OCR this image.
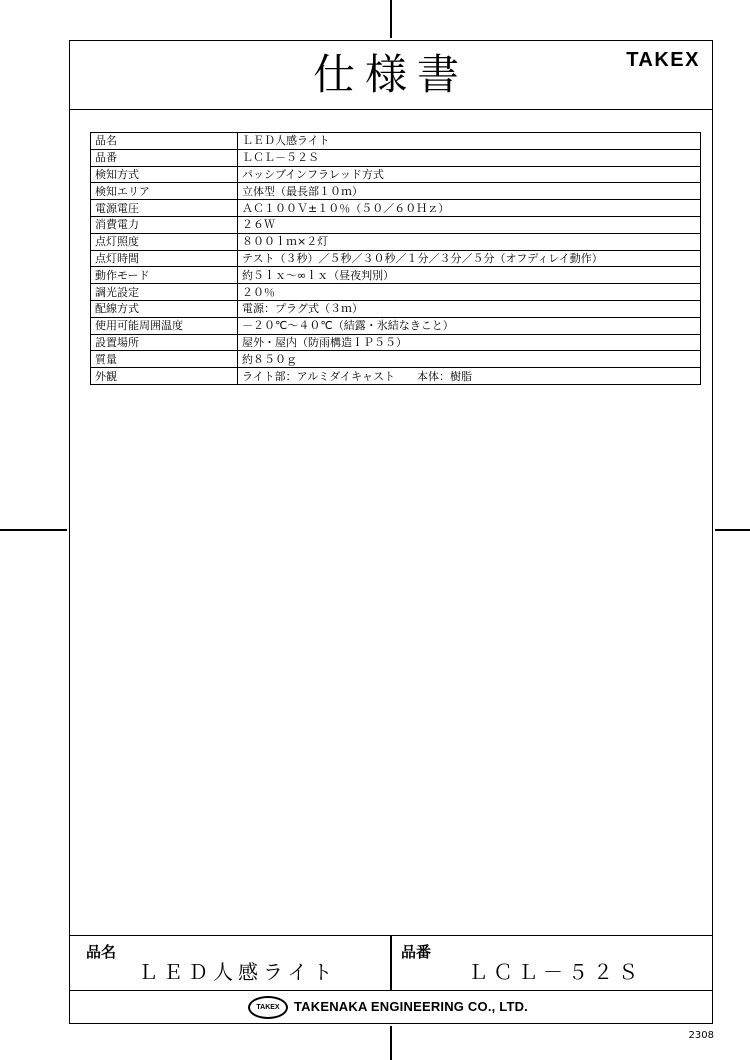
仕様書	TAKEX
品名	ＬＥＤ人感ライト
品番	ＬＣＬ－５２Ｓ
検知方式	パッシブインフラレッド方式
検知エリア	立体型（最長部１０ｍ）
電源電圧	ＡＣ１００Ｖ±１０％（５０／６０Ｈｚ）
消費電力	２６Ｗ
点灯照度	８００ｌｍ×２灯
点灯時間	テスト（３秒）／５秒／３０秒／１分／３分／５分（オフディレイ動作）
動作モード	約５ｌｘ～∞ｌｘ（昼夜判別）
調光設定	２０％
配線方式	電源：プラグ式（３ｍ）
使用可能周囲温度	－２０℃～４０℃（結露・氷結なきこと）
設置場所	屋外・屋内（防雨構造ＩＰ５５）
質量	約８５０ｇ
外観	ライト部：アルミダイキャスト　　本体：樹脂
品名
ＬＥＤ人感ライト
品番
ＬＣＬ－５２Ｓ
TAKEX	TAKENAKA ENGINEERING CO., LTD.
2308
